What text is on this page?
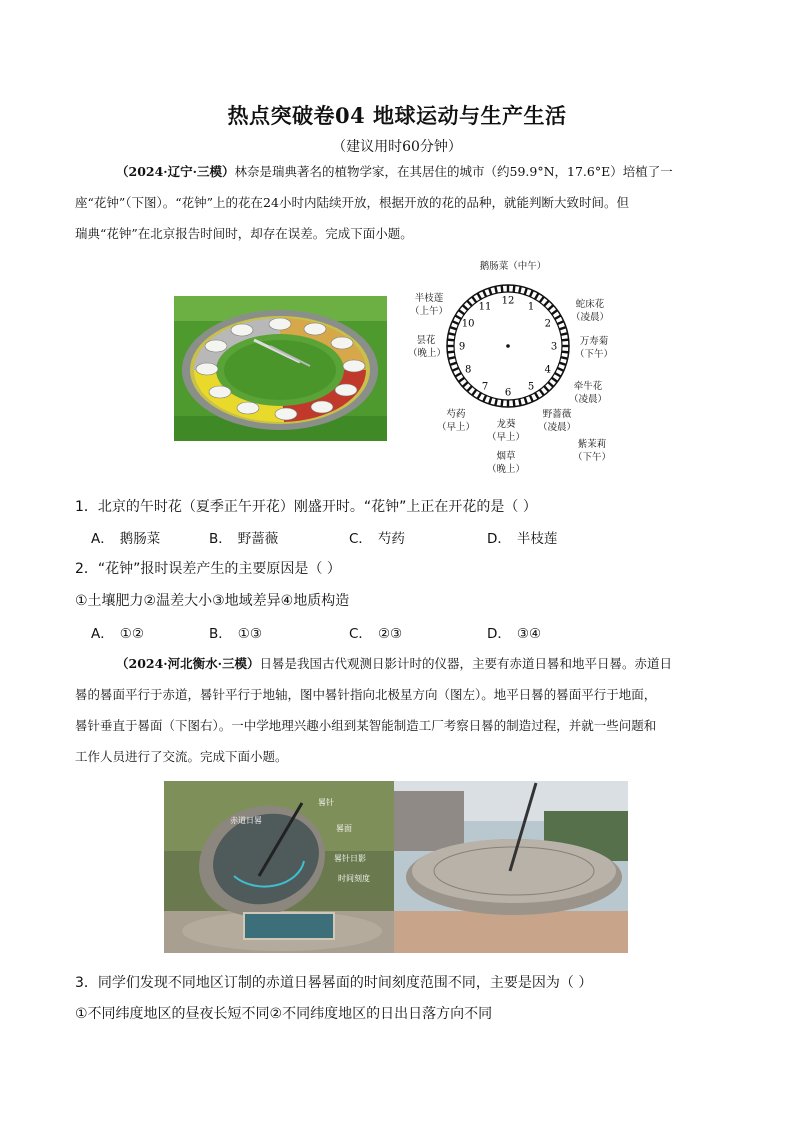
热点突破卷04 地球运动与生产生活
（建议用时60分钟）
（2024·辽宁·三模）林奈是瑞典著名的植物学家，在其居住的城市（约59.9°N，17.6°E）培植了一
座“花钟”（下图）。“花钟”上的花在24小时内陆续开放，根据开放的花的品种，就能判断大致时间。但
瑞典“花钟”在北京报告时间时，却存在误差。完成下面小题。
12
1
2
3
4
5
6
7
8
9
10
11
鹅肠菜（中午）
半枝莲
（上午）
蛇床花
（凌晨）
万寿菊
（下午）
昙花
（晚上）
牵牛花
（凌晨）
芍药
（早上）
野蔷薇
（凌晨）
龙葵
（早上）
烟草
（晚上）
紫茉莉
（下午）
1．北京的午时花（夏季正午开花）刚盛开时。“花钟”上正在开花的是（ ）
A． 鹅肠菜	B． 野蔷薇	C． 芍药	D． 半枝莲
2．“花钟”报时误差产生的主要原因是（ ）
①土壤肥力②温差大小③地域差异④地质构造
A． ①②	B． ①③	C． ②③	D． ③④
（2024·河北衡水·三模）日晷是我国古代观测日影计时的仪器，主要有赤道日晷和地平日晷。赤道日
晷的晷面平行于赤道，晷针平行于地轴，图中晷针指向北极星方向（图左）。地平日晷的晷面平行于地面，
晷针垂直于晷面（下图右）。一中学地理兴趣小组到某智能制造工厂考察日晷的制造过程，并就一些问题和
工作人员进行了交流。完成下面小题。
晷针
赤道日晷
晷面
晷针日影
时间刻度
3．同学们发现不同地区订制的赤道日晷晷面的时间刻度范围不同，主要是因为（ ）
①不同纬度地区的昼夜长短不同②不同纬度地区的日出日落方向不同
